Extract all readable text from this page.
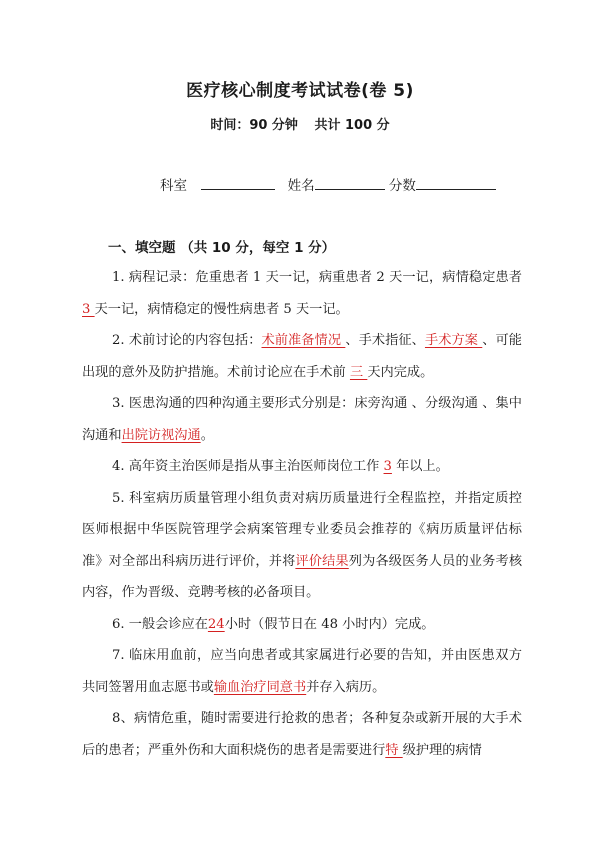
医疗核心制度考试试卷(卷 5)
时间：90 分钟 共计 100 分
科室	姓名	分数
一、填空题 （共 10 分，每空 1 分）

1. 病程记录：危重患者 1 天一记，病重患者 2 天一记，病情稳定患者 3 天一记，病情稳定的慢性病患者 5 天一记。

2. 术前讨论的内容包括：术前准备情况 、手术指征、手术方案 、可能出现的意外及防护措施。术前讨论应在手术前 三 天内完成。

3. 医患沟通的四种沟通主要形式分别是：床旁沟通 、分级沟通 、集中沟通和出院访视沟通。

4. 高年资主治医师是指从事主治医师岗位工作 3 年以上。

5. 科室病历质量管理小组负责对病历质量进行全程监控，并指定质控医师根据中华医院管理学会病案管理专业委员会推荐的《病历质量评估标准》对全部出科病历进行评价，并将评价结果列为各级医务人员的业务考核内容，作为晋级、竞聘考核的必备项目。

6. 一般会诊应在24小时（假节日在 48 小时内）完成。

7. 临床用血前，应当向患者或其家属进行必要的告知，并由医患双方共同签署用血志愿书或输血治疗同意书并存入病历。

8、病情危重，随时需要进行抢救的患者；各种复杂或新开展的大手术后的患者；严重外伤和大面积烧伤的患者是需要进行特 级护理的病情
